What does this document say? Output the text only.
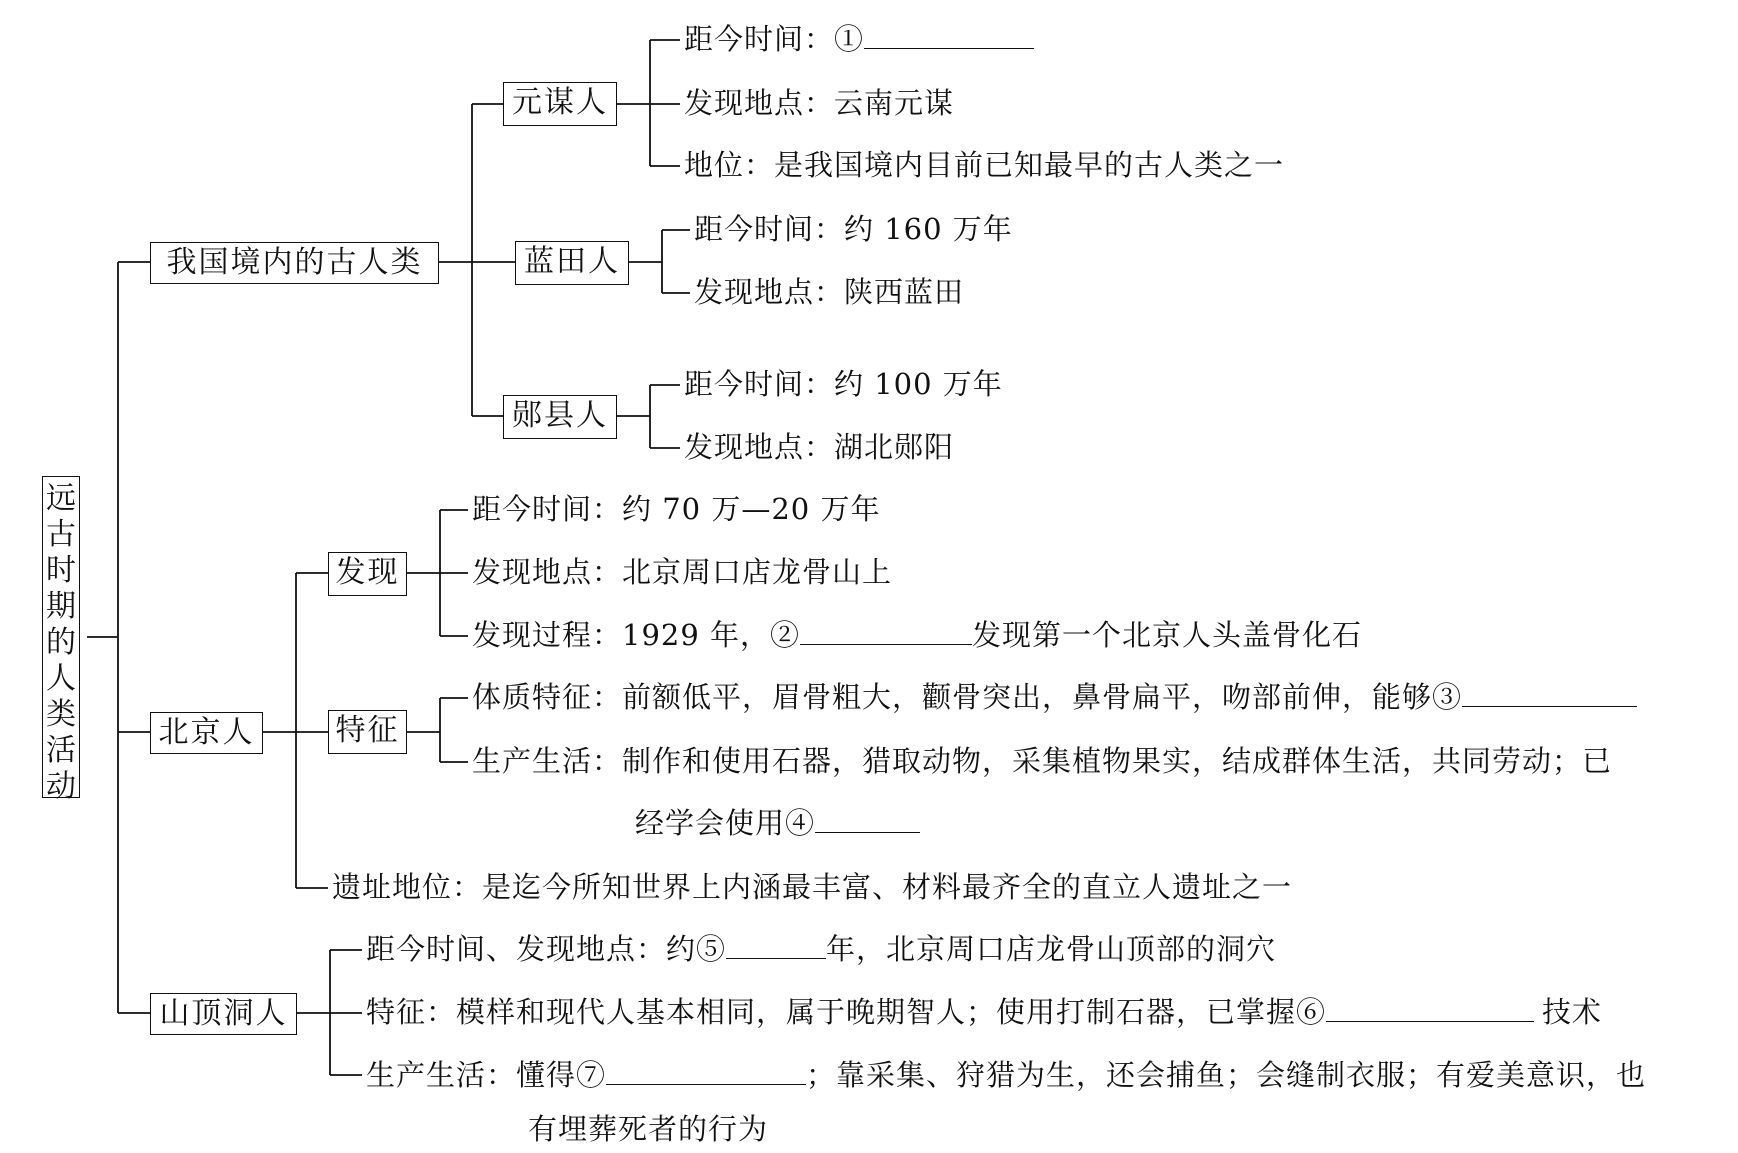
远古时期的人类活动
我国境内的古人类
北京人
山顶洞人
元谋人
蓝田人
郧县人
发现
特征
距今时间：①
发现地点：云南元谋
地位：是我国境内目前已知最早的古人类之一
距今时间：约 160 万年
发现地点：陕西蓝田
距今时间：约 100 万年
发现地点：湖北郧阳
距今时间：约 70 万—20 万年
发现地点：北京周口店龙骨山上
发现过程：1929 年，②	发现第一个北京人头盖骨化石
体质特征：前额低平，眉骨粗大，颧骨突出，鼻骨扁平，吻部前伸，能够③
生产生活：制作和使用石器，猎取动物，采集植物果实，结成群体生活，共同劳动；已
经学会使用④
遗址地位：是迄今所知世界上内涵最丰富、材料最齐全的直立人遗址之一
距今时间、发现地点：约⑤	年，北京周口店龙骨山顶部的洞穴
特征：模样和现代人基本相同，属于晚期智人；使用打制石器，已掌握⑥	技术
生产生活：懂得⑦	；靠采集、狩猎为生，还会捕鱼；会缝制衣服；有爱美意识，也
有埋葬死者的行为
